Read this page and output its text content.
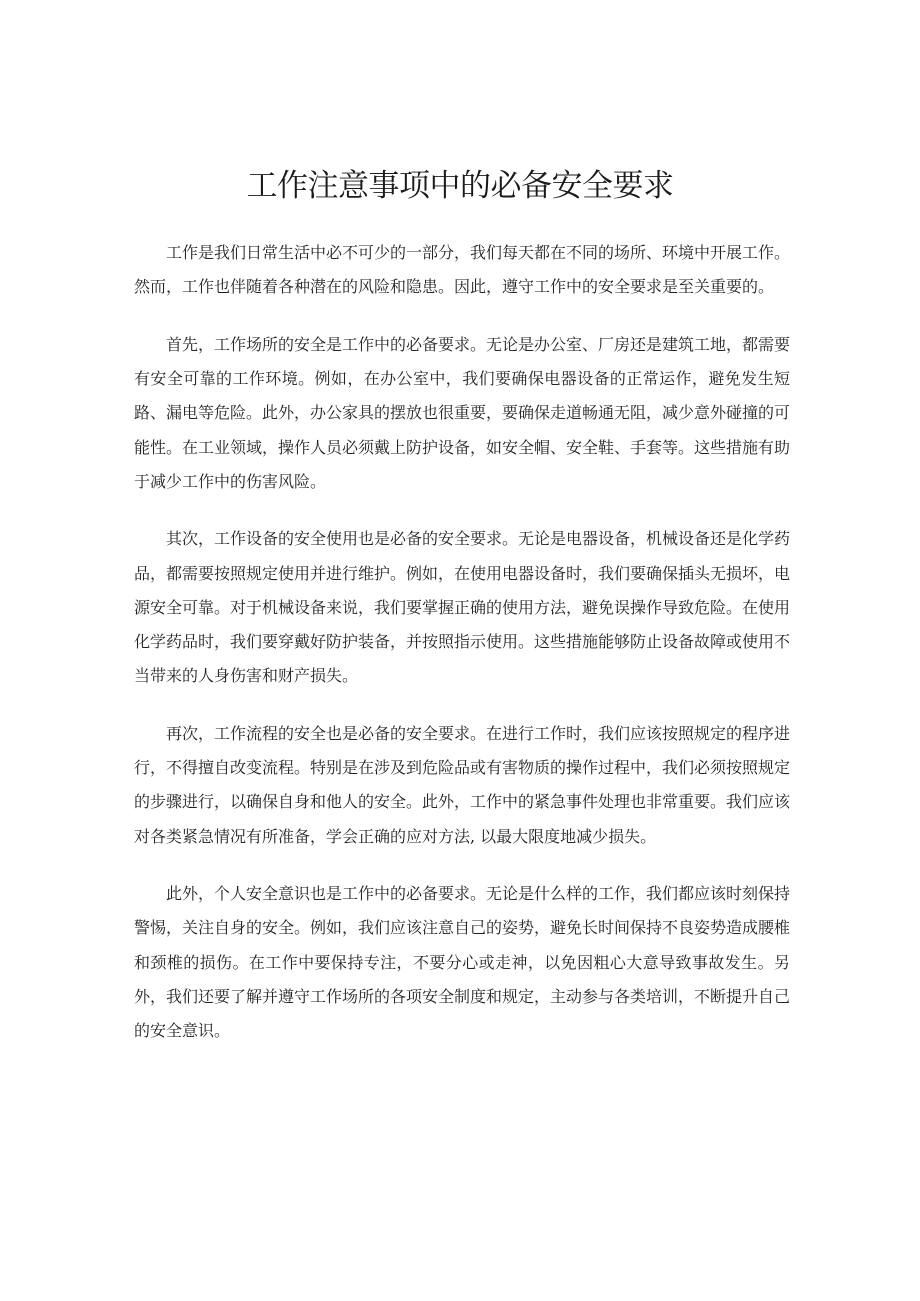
工作注意事项中的必备安全要求

工作是我们日常生活中必不可少的一部分，我们每天都在不同的场所、环境中开展工作。然而，工作也伴随着各种潜在的风险和隐患。因此，遵守工作中的安全要求是至关重要的。

首先，工作场所的安全是工作中的必备要求。无论是办公室、厂房还是建筑工地，都需要有安全可靠的工作环境。例如，在办公室中，我们要确保电器设备的正常运作，避免发生短路、漏电等危险。此外，办公家具的摆放也很重要，要确保走道畅通无阻，减少意外碰撞的可能性。在工业领域，操作人员必须戴上防护设备，如安全帽、安全鞋、手套等。这些措施有助于减少工作中的伤害风险。

其次，工作设备的安全使用也是必备的安全要求。无论是电器设备，机械设备还是化学药品，都需要按照规定使用并进行维护。例如，在使用电器设备时，我们要确保插头无损坏，电源安全可靠。对于机械设备来说，我们要掌握正确的使用方法，避免误操作导致危险。在使用化学药品时，我们要穿戴好防护装备，并按照指示使用。这些措施能够防止设备故障或使用不当带来的人身伤害和财产损失。

再次，工作流程的安全也是必备的安全要求。在进行工作时，我们应该按照规定的程序进行，不得擅自改变流程。特别是在涉及到危险品或有害物质的操作过程中，我们必须按照规定的步骤进行，以确保自身和他人的安全。此外，工作中的紧急事件处理也非常重要。我们应该对各类紧急情况有所准备，学会正确的应对方法, 以最大限度地减少损失。

此外，个人安全意识也是工作中的必备要求。无论是什么样的工作，我们都应该时刻保持警惕，关注自身的安全。例如，我们应该注意自己的姿势，避免长时间保持不良姿势造成腰椎和颈椎的损伤。在工作中要保持专注，不要分心或走神，以免因粗心大意导致事故发生。另外，我们还要了解并遵守工作场所的各项安全制度和规定，主动参与各类培训，不断提升自己的安全意识。
